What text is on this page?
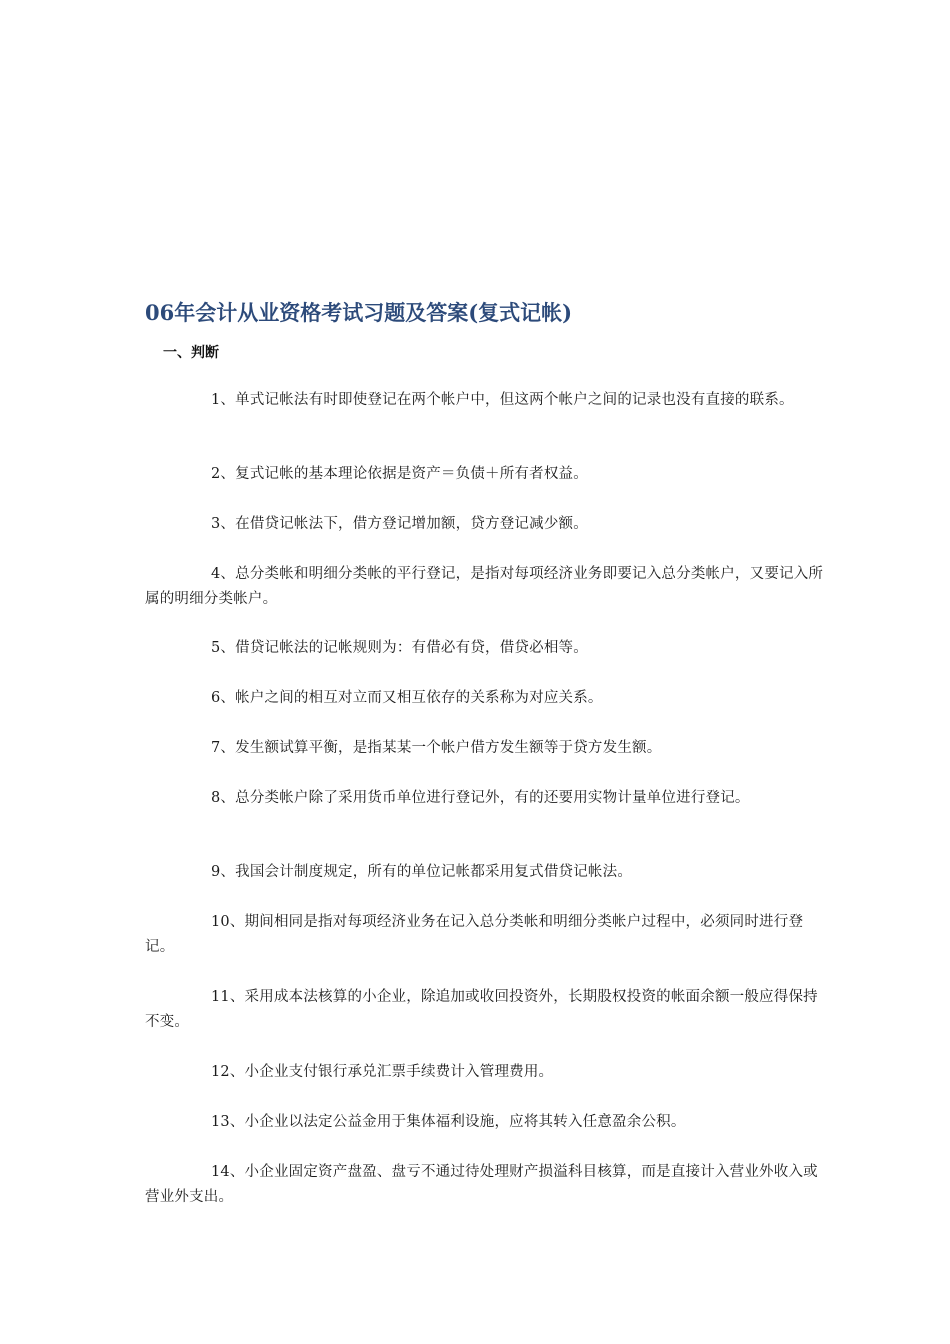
06年会计从业资格考试习题及答案(复式记帐)
一、判断

1、单式记帐法有时即使登记在两个帐户中，但这两个帐户之间的记录也没有直接的联系。

2、复式记帐的基本理论依据是资产＝负债＋所有者权益。

3、在借贷记帐法下，借方登记增加额，贷方登记减少额。

4、总分类帐和明细分类帐的平行登记，是指对每项经济业务即要记入总分类帐户，又要记入所属的明细分类帐户。

5、借贷记帐法的记帐规则为：有借必有贷，借贷必相等。

6、帐户之间的相互对立而又相互依存的关系称为对应关系。

7、发生额试算平衡，是指某某一个帐户借方发生额等于贷方发生额。

8、总分类帐户除了采用货币单位进行登记外，有的还要用实物计量单位进行登记。

9、我国会计制度规定，所有的单位记帐都采用复式借贷记帐法。

10、期间相同是指对每项经济业务在记入总分类帐和明细分类帐户过程中，必须同时进行登记。

11、采用成本法核算的小企业，除追加或收回投资外，长期股权投资的帐面余额一般应得保持不变。

12、小企业支付银行承兑汇票手续费计入管理费用。

13、小企业以法定公益金用于集体福利设施，应将其转入任意盈余公积。

14、小企业固定资产盘盈、盘亏不通过待处理财产损溢科目核算，而是直接计入营业外收入或营业外支出。
